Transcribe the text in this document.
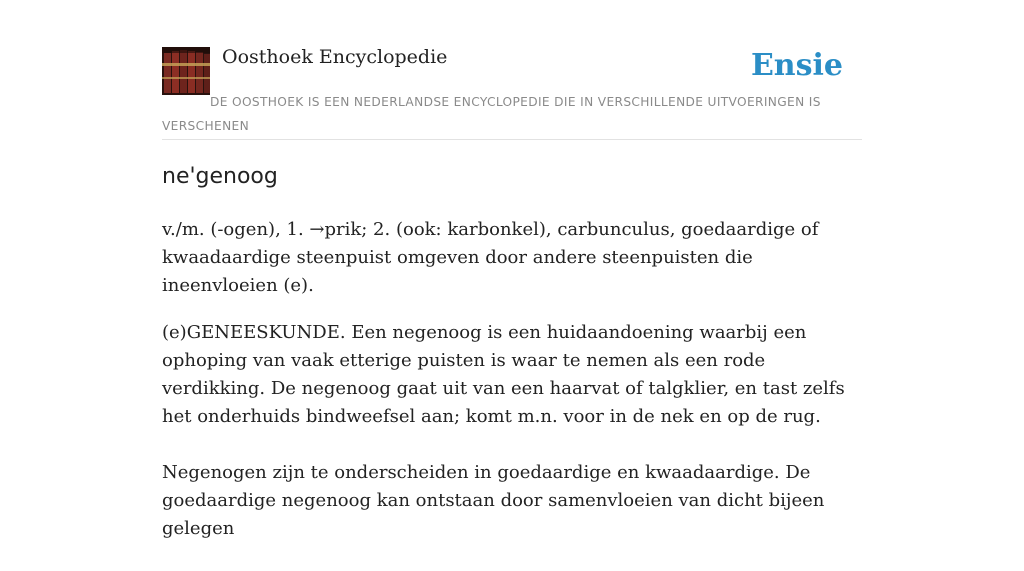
Oosthoek Encyclopedie	Ensie
DE OOSTHOEK IS EEN NEDERLANDSE ENCYCLOPEDIE DIE IN VERSCHILLENDE UITVOERINGEN IS VERSCHENEN
ne'genoog

v./m. (-ogen), 1. →prik; 2. (ook: karbonkel), carbunculus, goedaardige of kwaadaardige steenpuist omgeven door andere steenpuisten die ineenvloeien (e).

(e)GENEESKUNDE. Een negenoog is een huidaandoening waarbij een ophoping van vaak etterige puisten is waar te nemen als een rode verdikking. De negenoog gaat uit van een haarvat of talgklier, en tast zelfs het onderhuids bindweefsel aan; komt m.n. voor in de nek en op de rug.

Negenogen zijn te onderscheiden in goedaardige en kwaadaardige. De goedaardige negenoog kan ontstaan door samenvloeien van dicht bijeen gelegen
